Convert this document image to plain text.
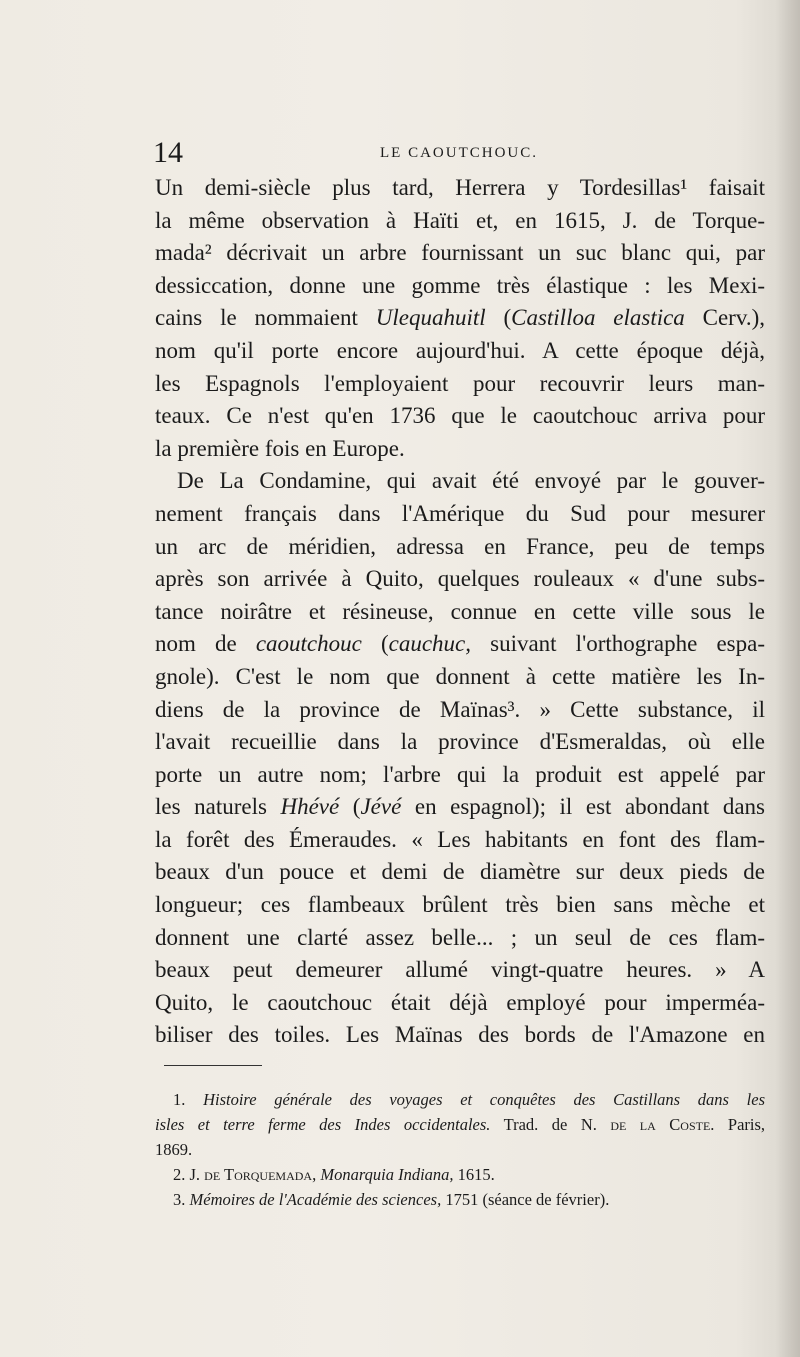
14	LE CAOUTCHOUC.
Un demi-siècle plus tard, Herrera y Tordesillas¹ faisait
la même observation à Haïti et, en 1615, J. de Torque-
mada² décrivait un arbre fournissant un suc blanc qui, par
dessiccation, donne une gomme très élastique : les Mexi-
cains le nommaient Ulequahuitl (Castilloa elastica Cerv.),
nom qu'il porte encore aujourd'hui. A cette époque déjà,
les Espagnols l'employaient pour recouvrir leurs man-
teaux. Ce n'est qu'en 1736 que le caoutchouc arriva pour
la première fois en Europe.
De La Condamine, qui avait été envoyé par le gouver-
nement français dans l'Amérique du Sud pour mesurer
un arc de méridien, adressa en France, peu de temps
après son arrivée à Quito, quelques rouleaux « d'une subs-
tance noirâtre et résineuse, connue en cette ville sous le
nom de caoutchouc (cauchuc, suivant l'orthographe espa-
gnole). C'est le nom que donnent à cette matière les In-
diens de la province de Maïnas³. » Cette substance, il
l'avait recueillie dans la province d'Esmeraldas, où elle
porte un autre nom; l'arbre qui la produit est appelé par
les naturels Hhévé (Jévé en espagnol); il est abondant dans
la forêt des Émeraudes. « Les habitants en font des flam-
beaux d'un pouce et demi de diamètre sur deux pieds de
longueur; ces flambeaux brûlent très bien sans mèche et
donnent une clarté assez belle... ; un seul de ces flam-
beaux peut demeurer allumé vingt-quatre heures. » A
Quito, le caoutchouc était déjà employé pour imperméa-
biliser des toiles. Les Maïnas des bords de l'Amazone en
1. Histoire générale des voyages et conquêtes des Castillans dans les
isles et terre ferme des Indes occidentales. Trad. de N. de la Coste. Paris,
1869.
2. J. de Torquemada, Monarquia Indiana, 1615.
3. Mémoires de l'Académie des sciences, 1751 (séance de février).
